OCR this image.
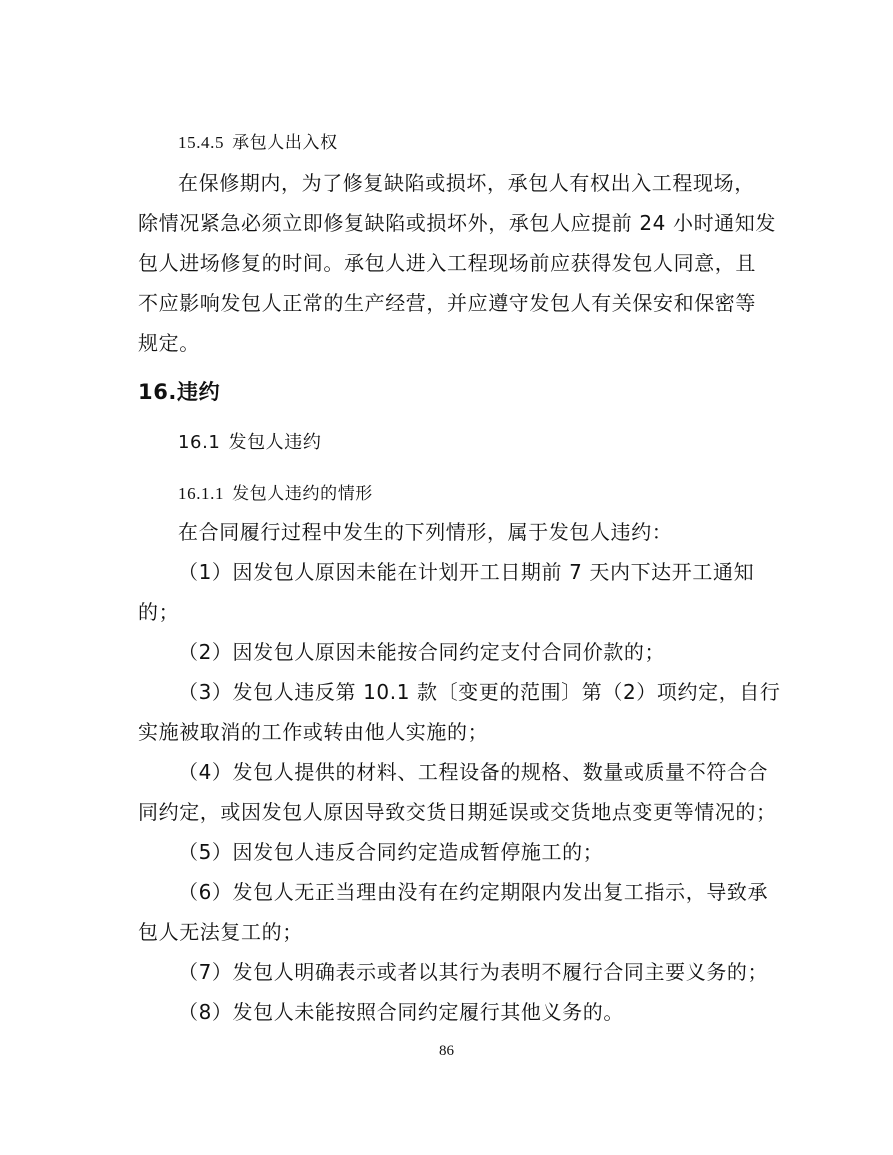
15.4.5 承包人出入权
在保修期内，为了修复缺陷或损坏，承包人有权出入工程现场，
除情况紧急必须立即修复缺陷或损坏外，承包人应提前 24 小时通知发
包人进场修复的时间。承包人进入工程现场前应获得发包人同意，且
不应影响发包人正常的生产经营，并应遵守发包人有关保安和保密等
规定。
16.违约
16.1 发包人违约
16.1.1 发包人违约的情形
在合同履行过程中发生的下列情形，属于发包人违约：
（1）因发包人原因未能在计划开工日期前 7 天内下达开工通知
的；
（2）因发包人原因未能按合同约定支付合同价款的；
（3）发包人违反第 10.1 款〔变更的范围〕第（2）项约定，自行
实施被取消的工作或转由他人实施的；
（4）发包人提供的材料、工程设备的规格、数量或质量不符合合
同约定，或因发包人原因导致交货日期延误或交货地点变更等情况的；
（5）因发包人违反合同约定造成暂停施工的；
（6）发包人无正当理由没有在约定期限内发出复工指示，导致承
包人无法复工的；
（7）发包人明确表示或者以其行为表明不履行合同主要义务的；
（8）发包人未能按照合同约定履行其他义务的。
86
